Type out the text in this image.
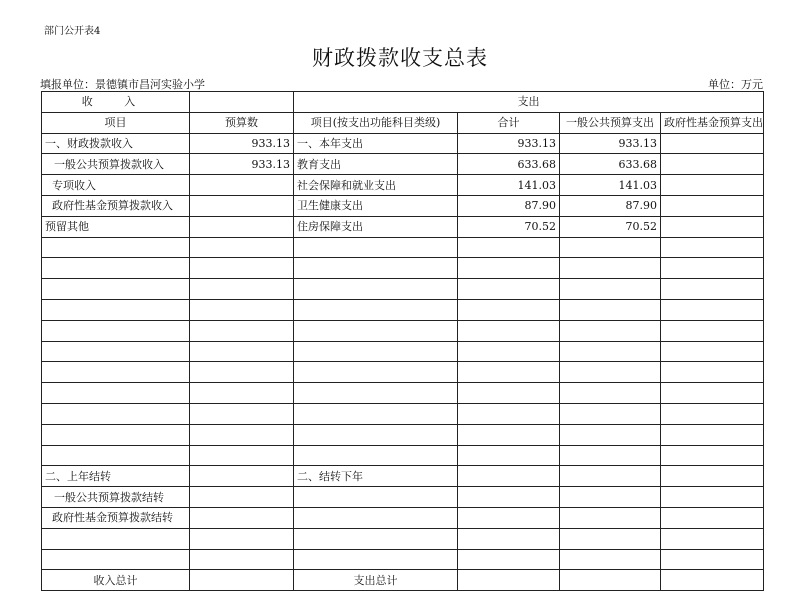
部门公开表4
财政拨款收支总表
填报单位：景德镇市昌河实验小学	单位：万元
收 入		支出			
项目	预算数	项目(按支出功能科目类级)	合计	一般公共预算支出	政府性基金预算支出
一、财政拨款收入	933.13	一、本年支出	933.13	933.13	
一般公共预算拨款收入	933.13	教育支出	633.68	633.68	
专项收入		社会保障和就业支出	141.03	141.03	
政府性基金预算拨款收入		卫生健康支出	87.90	87.90	
预留其他		住房保障支出	70.52	70.52	

二、上年结转		二、结转下年			
一般公共预算拨款结转					
政府性基金预算拨款结转					

收入总计		支出总计			
